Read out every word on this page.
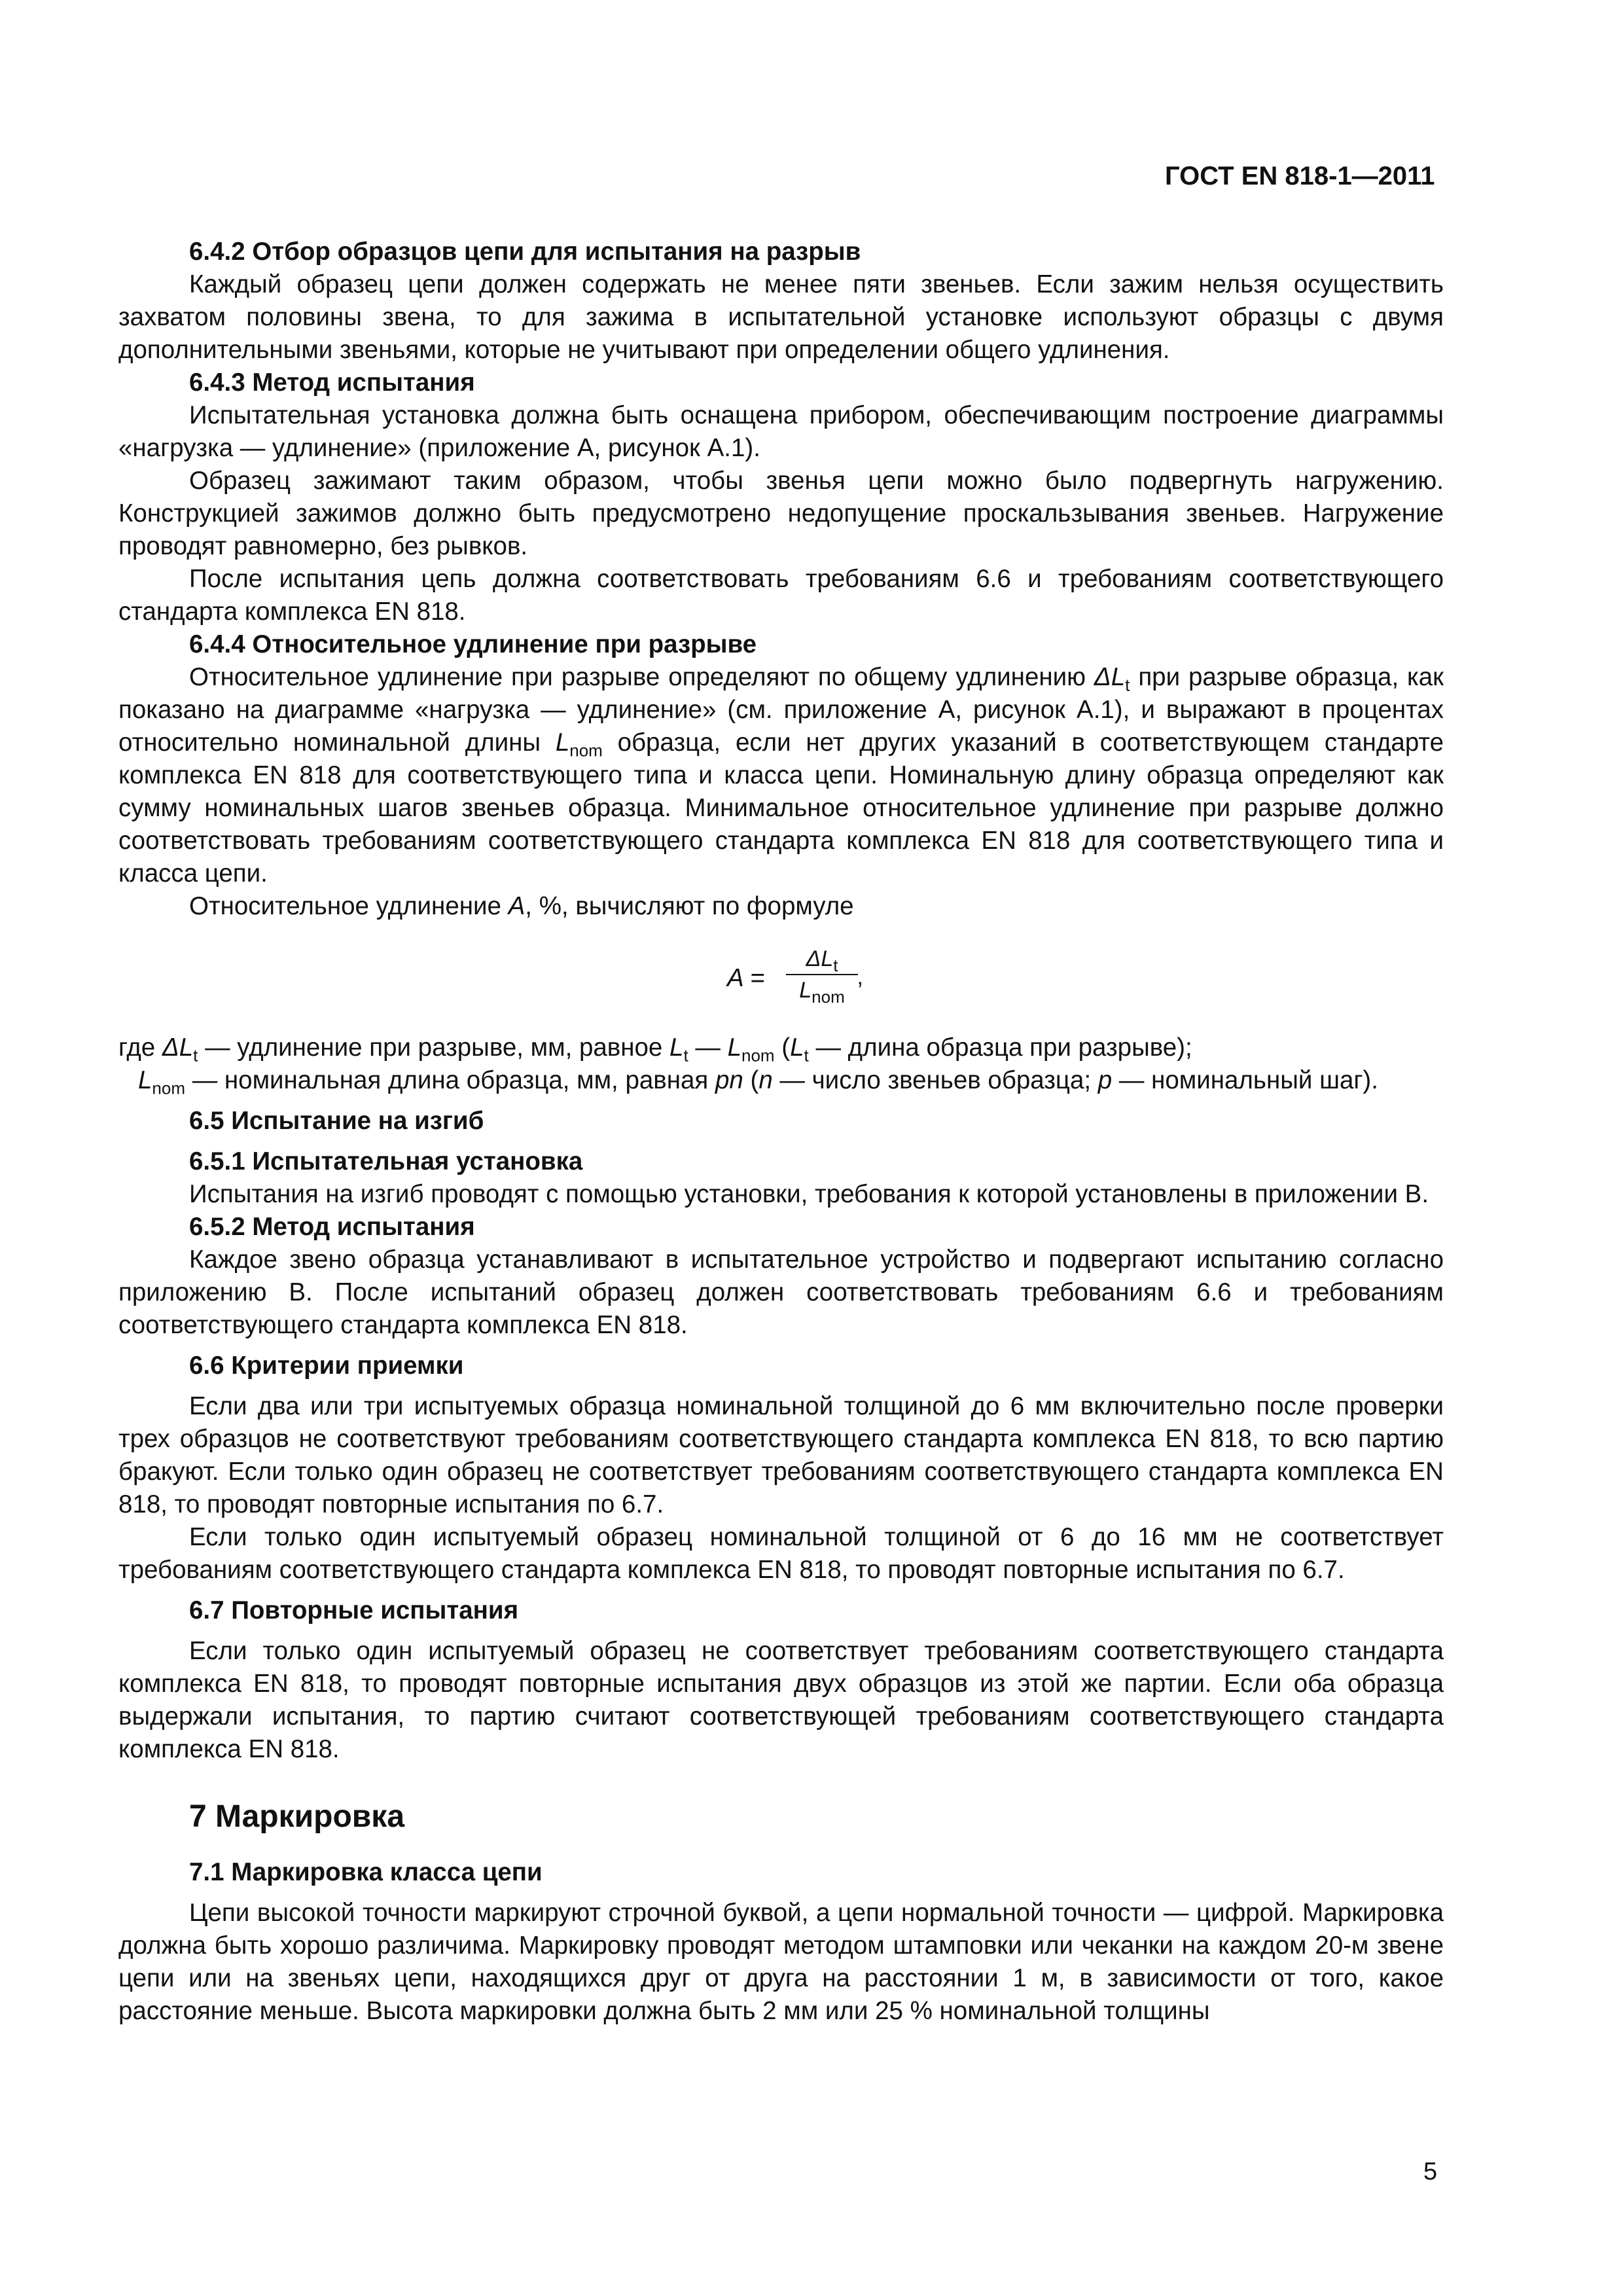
ГОСТ EN 818-1—2011
6.4.2 Отбор образцов цепи для испытания на разрыв

Каждый образец цепи должен содержать не менее пяти звеньев. Если зажим нельзя осуществить захватом половины звена, то для зажима в испытательной установке используют образцы с двумя дополнительными звеньями, которые не учитывают при определении общего удлинения.

6.4.3 Метод испытания

Испытательная установка должна быть оснащена прибором, обеспечивающим построение диаграммы «нагрузка — удлинение» (приложение А, рисунок А.1).

Образец зажимают таким образом, чтобы звенья цепи можно было подвергнуть нагружению. Конструкцией зажимов должно быть предусмотрено недопущение проскальзывания звеньев. Нагружение проводят равномерно, без рывков.

После испытания цепь должна соответствовать требованиям 6.6 и требованиям соответствующего стандарта комплекса EN 818.

6.4.4 Относительное удлинение при разрыве

Относительное удлинение при разрыве определяют по общему удлинению $\Delta L_t$ при разрыве образца, как показано на диаграмме «нагрузка — удлинение» (см. приложение А, рисунок А.1), и выражают в процентах относительно номинальной длины $L_{nom}$ образца, если нет других указаний в соответствующем стандарте комплекса EN 818 для соответствующего типа и класса цепи. Номинальную длину образца определяют как сумму номинальных шагов звеньев образца. Минимальное относительное удлинение при разрыве должно соответствовать требованиям соответствующего стандарта комплекса EN 818 для соответствующего типа и класса цепи.

Относительное удлинение А, %, вычисляют по формуле

A =
$\Delta L_t$ ,
$L_{nom}$

где $\Delta L_t$ — удлинение при разрыве, мм, равное $L_t$ — $L_{nom}$ ($L_t$ — длина образца при разрыве);

$L_{nom}$ — номинальная длина образца, мм, равная pn (n — число звеньев образца; p — номинальный шаг).

6.5 Испытание на изгиб
6.5.1 Испытательная установка

Испытания на изгиб проводят с помощью установки, требования к которой установлены в приложении В.

6.5.2 Метод испытания

Каждое звено образца устанавливают в испытательное устройство и подвергают испытанию согласно приложению В. После испытаний образец должен соответствовать требованиям 6.6 и требованиям соответствующего стандарта комплекса EN 818.

6.6 Критерии приемки

Если два или три испытуемых образца номинальной толщиной до 6 мм включительно после проверки трех образцов не соответствуют требованиям соответствующего стандарта комплекса EN 818, то всю партию бракуют. Если только один образец не соответствует требованиям соответствующего стандарта комплекса EN 818, то проводят повторные испытания по 6.7.

Если только один испытуемый образец номинальной толщиной от 6 до 16 мм не соответствует требованиям соответствующего стандарта комплекса EN 818, то проводят повторные испытания по 6.7.

6.7 Повторные испытания

Если только один испытуемый образец не соответствует требованиям соответствующего стандарта комплекса EN 818, то проводят повторные испытания двух образцов из этой же партии. Если оба образца выдержали испытания, то партию считают соответствующей требованиям соответствующего стандарта комплекса EN 818.

7 Маркировка
7.1 Маркировка класса цепи

Цепи высокой точности маркируют строчной буквой, а цепи нормальной точности — цифрой. Маркировка должна быть хорошо различима. Маркировку проводят методом штамповки или чеканки на каждом 20-м звене цепи или на звеньях цепи, находящихся друг от друга на расстоянии 1 м, в зависимости от того, какое расстояние меньше. Высота маркировки должна быть 2 мм или 25 % номинальной толщины

5
